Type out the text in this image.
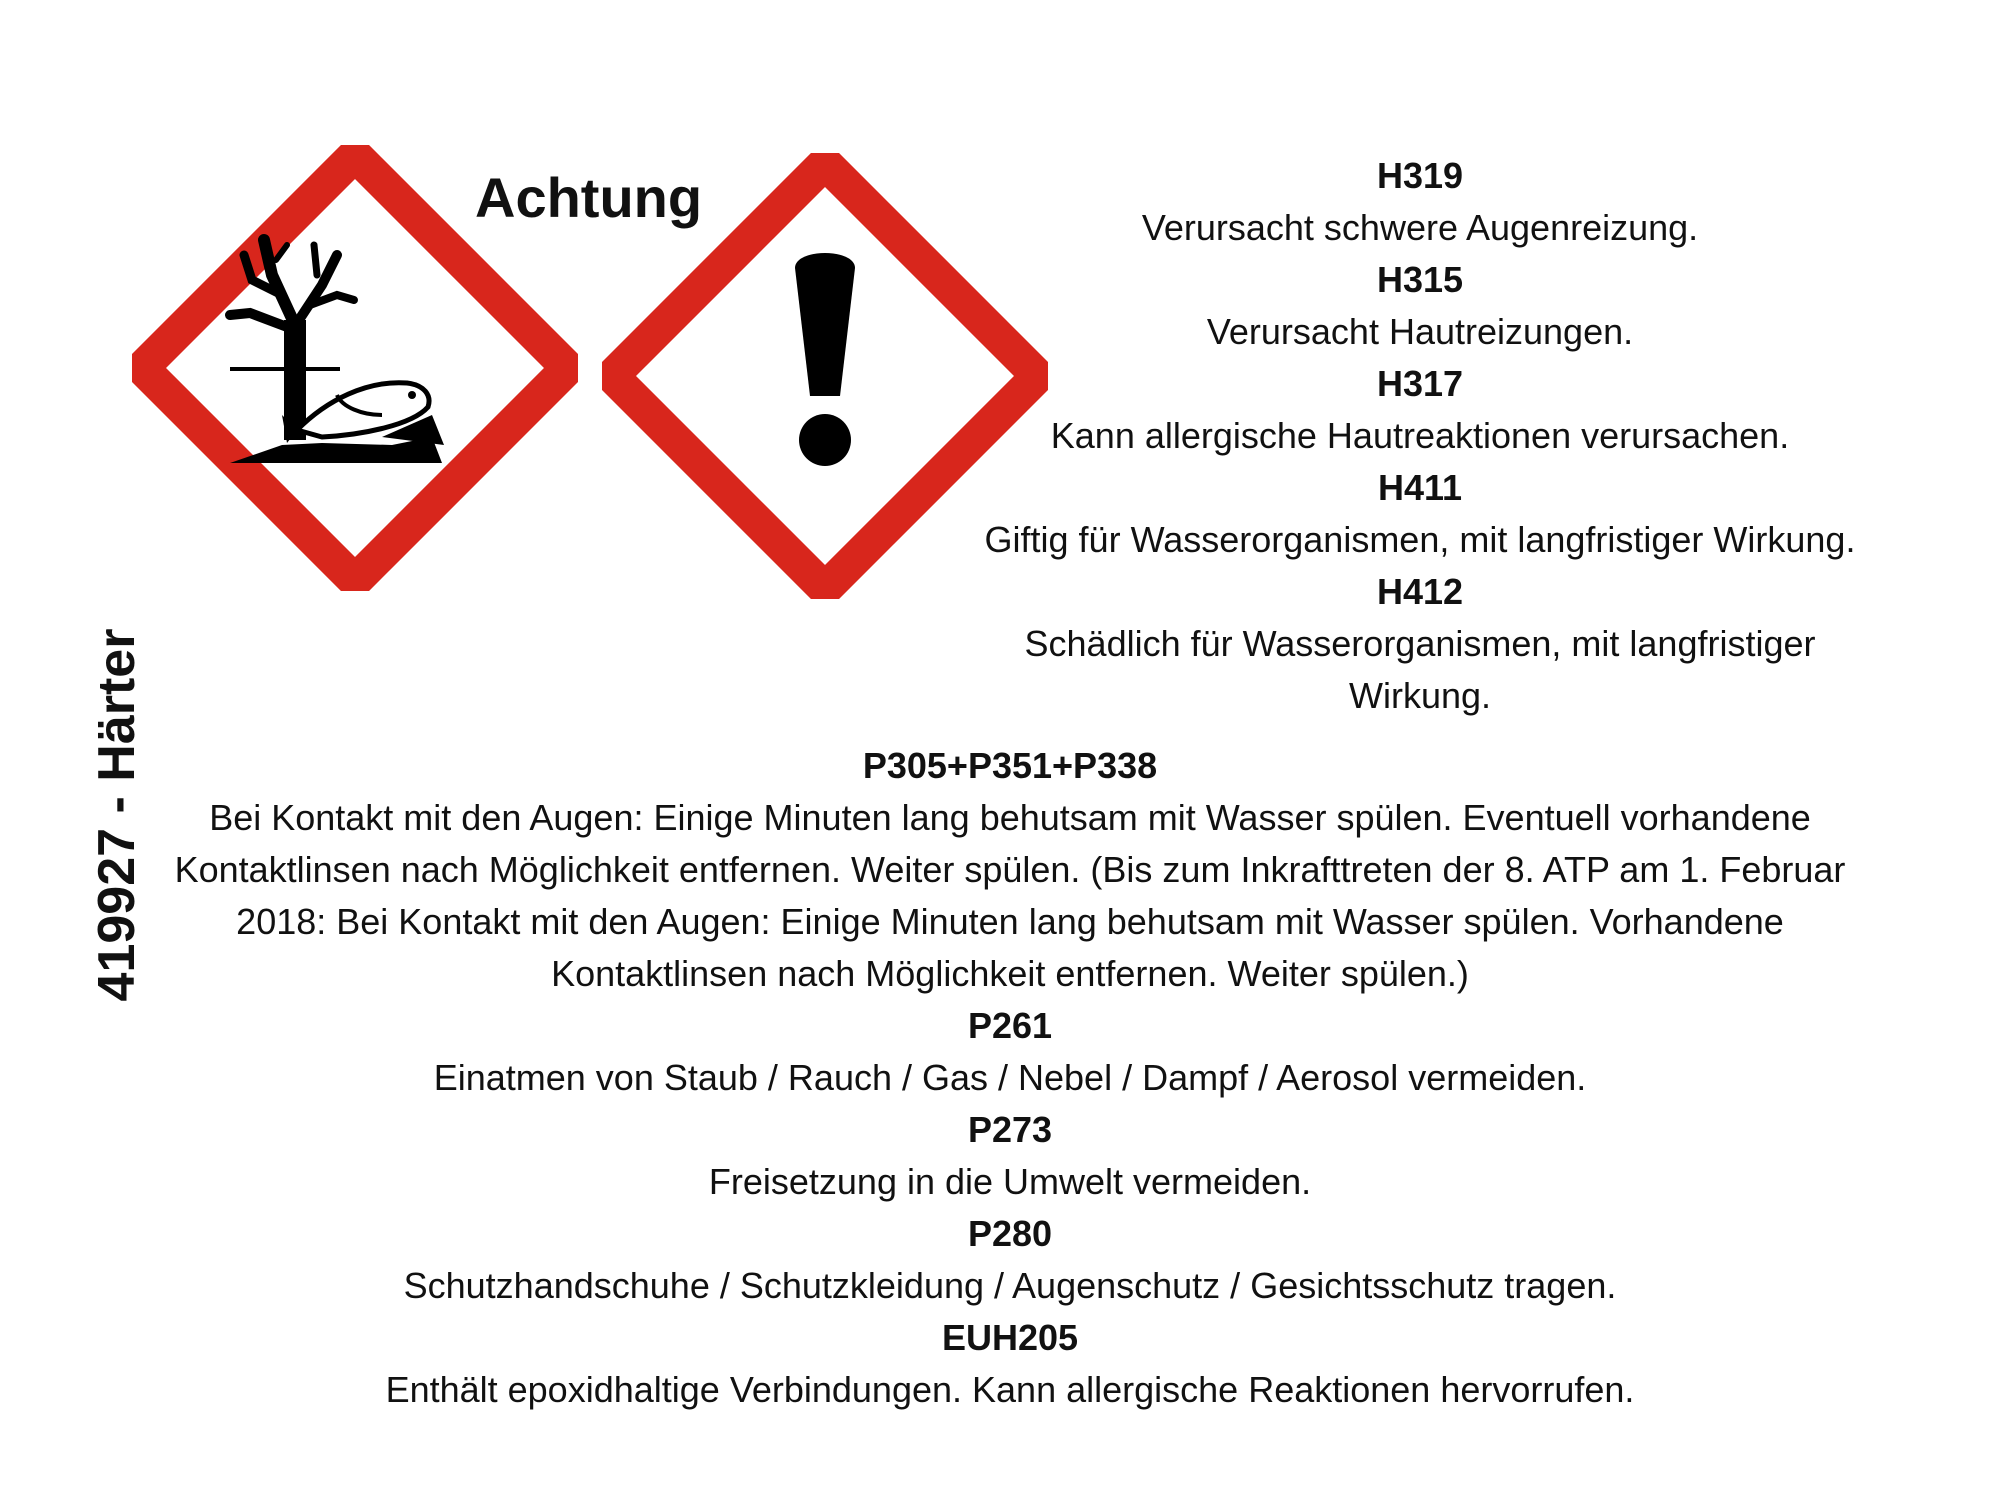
419927 - Härter
Achtung	H319
Verursacht schwere Augenreizung.
H315
Verursacht Hautreizungen.
H317
Kann allergische Hautreaktionen verursachen.
H411
Giftig für Wasserorganismen, mit langfristiger Wirkung.
H412
Schädlich für Wasserorganismen, mit langfristiger Wirkung.
P305+P351+P338
Bei Kontakt mit den Augen: Einige Minuten lang behutsam mit Wasser spülen. Eventuell vorhandene Kontaktlinsen nach Möglichkeit entfernen. Weiter spülen. (Bis zum Inkrafttreten der 8. ATP am 1. Februar 2018: Bei Kontakt mit den Augen: Einige Minuten lang behutsam mit Wasser spülen. Vorhandene Kontaktlinsen nach Möglichkeit entfernen. Weiter spülen.)
P261
Einatmen von Staub / Rauch / Gas / Nebel / Dampf / Aerosol vermeiden.
P273
Freisetzung in die Umwelt vermeiden.
P280
Schutzhandschuhe / Schutzkleidung / Augenschutz / Gesichtsschutz tragen.
EUH205
Enthält epoxidhaltige Verbindungen. Kann allergische Reaktionen hervorrufen.
